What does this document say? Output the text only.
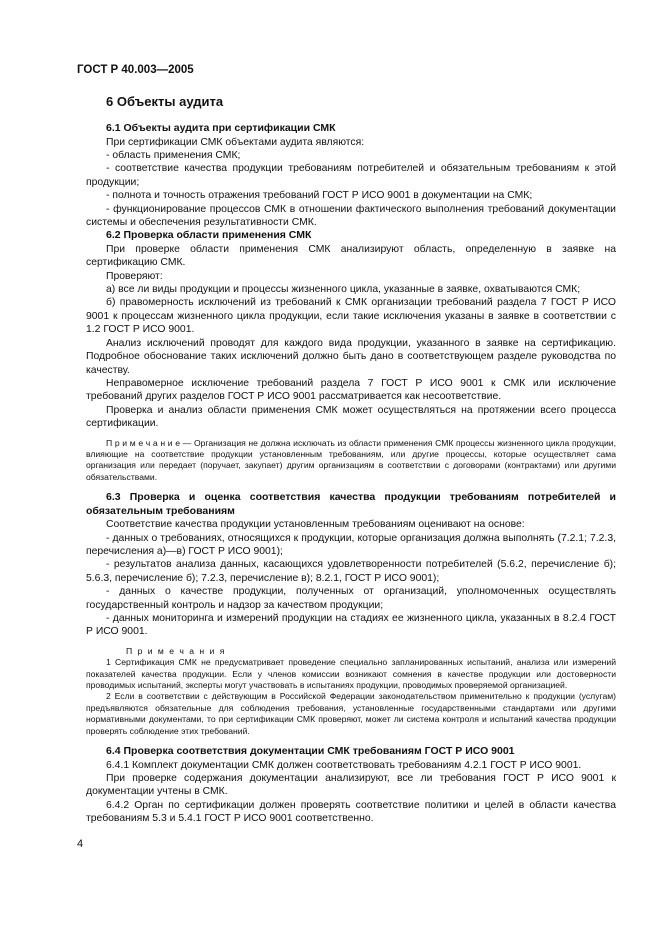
ГОСТ Р 40.003—2005
6 Объекты аудита
6.1 Объекты аудита при сертификации СМК

При сертификации СМК объектами аудита являются:

- область применения СМК;

- соответствие качества продукции требованиям потребителей и обязательным требованиям к этой продукции;

- полнота и точность отражения требований ГОСТ Р ИСО 9001 в документации на СМК;

- функционирование процессов СМК в отношении фактического выполнения требований документации системы и обеспечения результативности СМК.

6.2 Проверка области применения СМК

При проверке области применения СМК анализируют область, определенную в заявке на сертификацию СМК.

Проверяют:

а) все ли виды продукции и процессы жизненного цикла, указанные в заявке, охватываются СМК;

б) правомерность исключений из требований к СМК организации требований раздела 7 ГОСТ Р ИСО 9001 к процессам жизненного цикла продукции, если такие исключения указаны в заявке в соответствии с 1.2 ГОСТ Р ИСО 9001.

Анализ исключений проводят для каждого вида продукции, указанного в заявке на сертификацию. Подробное обоснование таких исключений должно быть дано в соответствующем разделе руководства по качеству.

Неправомерное исключение требований раздела 7 ГОСТ Р ИСО 9001 к СМК или исключение требований других разделов ГОСТ Р ИСО 9001 рассматривается как несоответствие.

Проверка и анализ области применения СМК может осуществляться на протяжении всего процесса сертификации.

П р и м е ч а н и е — Организация не должна исключать из области применения СМК процессы жизненного цикла продукции, влияющие на соответствие продукции установленным требованиям, или другие процессы, которые осуществляет сама организация или передает (поручает, закупает) другим организациям в соответствии с договорами (контрактами) или другими обязательствами.

6.3 Проверка и оценка соответствия качества продукции требованиям потребителей и обязательным требованиям

Соответствие качества продукции установленным требованиям оценивают на основе:

- данных о требованиях, относящихся к продукции, которые организация должна выполнять (7.2.1; 7.2.3, перечисления а)—в) ГОСТ Р ИСО 9001);

- результатов анализа данных, касающихся удовлетворенности потребителей (5.6.2, перечисление б); 5.6.3, перечисление б); 7.2.3, перечисление в); 8.2.1, ГОСТ Р ИСО 9001);

- данных о качестве продукции, полученных от организаций, уполномоченных осуществлять государственный контроль и надзор за качеством продукции;

- данных мониторинга и измерений продукции на стадиях ее жизненного цикла, указанных в 8.2.4 ГОСТ Р ИСО 9001.

П р и м е ч а н и я

1 Сертификация СМК не предусматривает проведение специально запланированных испытаний, анализа или измерений показателей качества продукции. Если у членов комиссии возникают сомнения в качестве продукции или достоверности проводимых испытаний, эксперты могут участвовать в испытаниях продукции, проводимых проверяемой организацией.

2 Если в соответствии с действующим в Российской Федерации законодательством применительно к продукции (услугам) предъявляются обязательные для соблюдения требования, установленные государственными стандартами или другими нормативными документами, то при сертификации СМК проверяют, может ли система контроля и испытаний качества продукции проверять соблюдение этих требований.

6.4 Проверка соответствия документации СМК требованиям ГОСТ Р ИСО 9001

6.4.1 Комплект документации СМК должен соответствовать требованиям 4.2.1 ГОСТ Р ИСО 9001.

При проверке содержания документации анализируют, все ли требования ГОСТ Р ИСО 9001 к документации учтены в СМК.

6.4.2 Орган по сертификации должен проверять соответствие политики и целей в области качества требованиям 5.3 и 5.4.1 ГОСТ Р ИСО 9001 соответственно.

4
